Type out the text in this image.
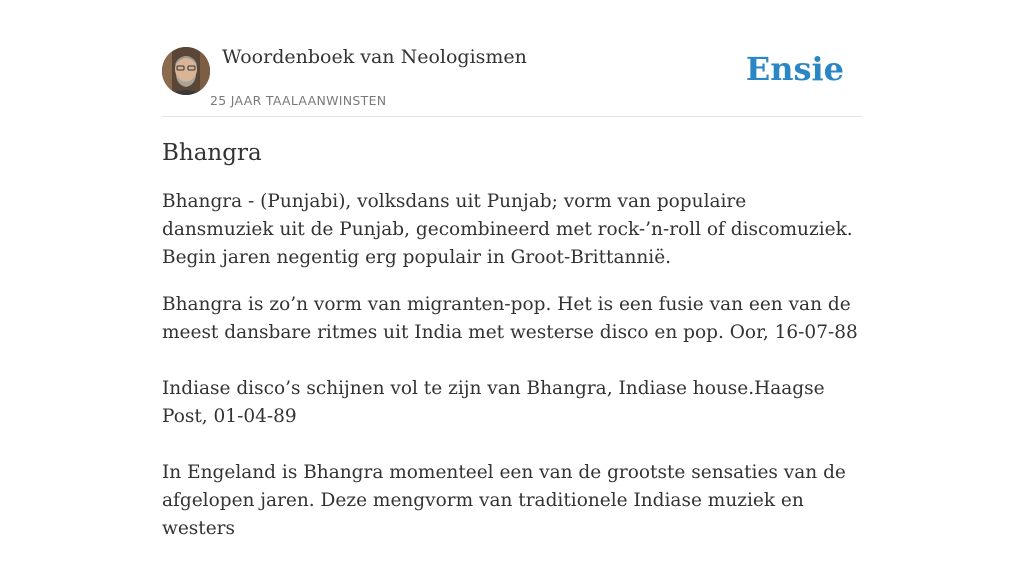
Woordenboek van Neologismen
25 JAAR TAALAANWINSTEN
Ensie
Bhangra

Bhangra - (Punjabi), volksdans uit Punjab; vorm van populaire dansmuziek uit de Punjab, gecombineerd met rock-’n-roll of discomuziek. Begin jaren negentig erg populair in Groot-Brittannië.

Bhangra is zo’n vorm van migranten-pop. Het is een fusie van een van de meest dansbare ritmes uit India met westerse disco en pop. Oor, 16-07-88

Indiase disco’s schijnen vol te zijn van Bhangra, Indiase house.Haagse Post, 01-04-89

In Engeland is Bhangra momenteel een van de grootste sensaties van de afgelopen jaren. Deze mengvorm van traditionele Indiase muziek en westers
